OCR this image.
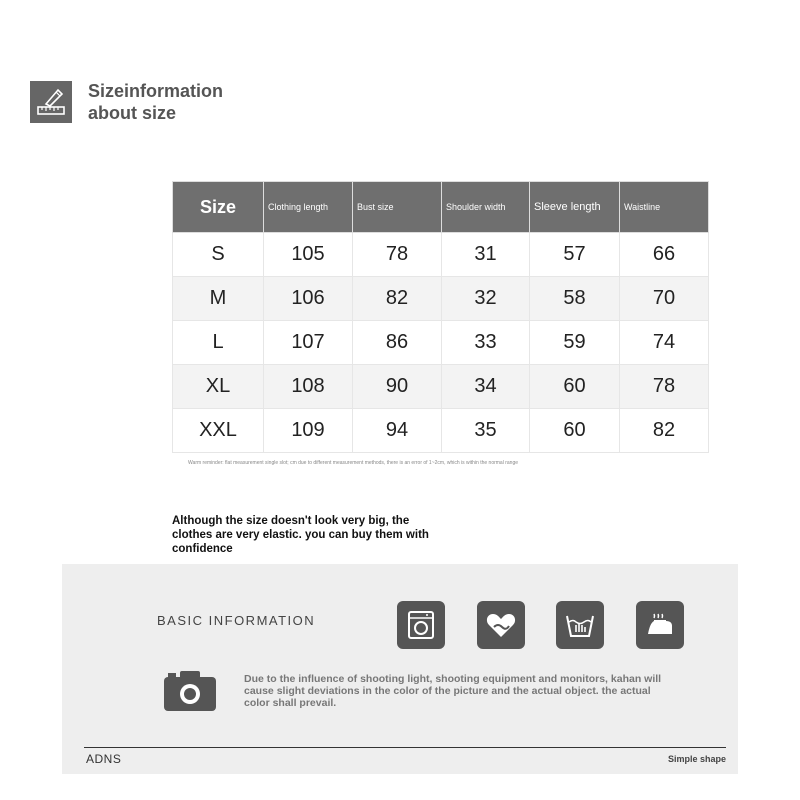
Sizeinformation
about size
Size	Clothing length	Bust size	Shoulder width	Sleeve length	Waistline
S	105	78	31	57	66
M	106	82	32	58	70
L	107	86	33	59	74
XL	108	90	34	60	78
XXL	109	94	35	60	82
Warm reminder: flat measurement single slot; cm due to different measurement methods, there is an error of 1~2cm, which is within the normal range
Although the size doesn't look very big, the clothes are very elastic. you can buy them with confidence
BASIC INFORMATION
Due to the influence of shooting light, shooting equipment and monitors, kahan will cause slight deviations in the color of the picture and the actual object. the actual color shall prevail.
ADNS	Simple shape
